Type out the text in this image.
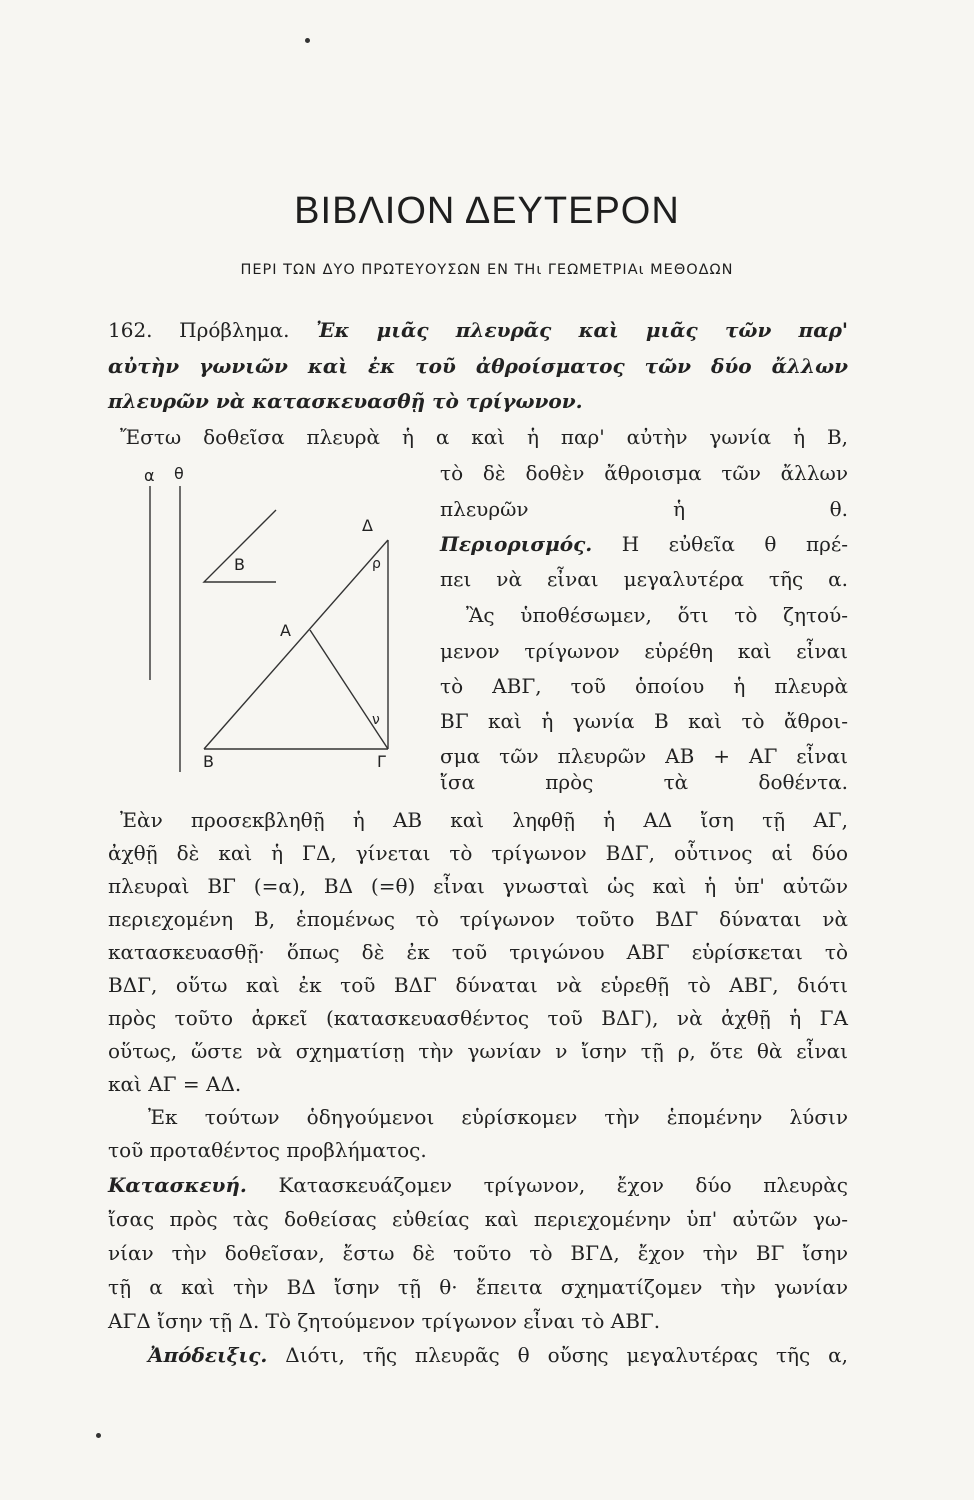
ΒΙΒΛΙΟΝ ΔΕΥΤΕΡΟΝ
ΠΕΡΙ ΤΩΝ ΔΥΟ ΠΡΩΤΕΥΟΥΣΩΝ ΕΝ ΤΗι ΓΕΩΜΕΤΡΙΑι ΜΕΘΟΔΩΝ
162. Πρόβλημα. Ἐκ μιᾶς πλευρᾶς καὶ μιᾶς τῶν παρ'
αὐτὴν γωνιῶν καὶ ἐκ τοῦ ἀθροίσματος τῶν δύο ἄλλων
πλευρῶν νὰ κατασκευασθῇ τὸ τρίγωνον.
Ἔστω δοθεῖσα πλευρὰ ἡ α καὶ ἡ παρ' αὐτὴν γωνία ἡ Β,
τὸ δὲ δοθὲν ἄθροισμα τῶν ἄλλων
πλευρῶν ἡ θ.
Περιορισμός. Η εὐθεῖα θ πρέ-
πει νὰ εἶναι μεγαλυτέρα τῆς α.
Ἂς ὑποθέσωμεν, ὅτι τὸ ζητού-
μενον τρίγωνον εὑρέθη καὶ εἶναι
τὸ ΑΒΓ, τοῦ ὁποίου ἡ πλευρὰ
ΒΓ καὶ ἡ γωνία Β καὶ τὸ ἄθροι-
σμα τῶν πλευρῶν ΑΒ + ΑΓ εἶναι
ἴσα πρὸς τὰ δοθέντα.
α θ
Β
Δ
ρ
Α
ν
Β	Γ
Ἐὰν προσεκβληθῇ ἡ ΑΒ καὶ ληφθῇ ἡ ΑΔ ἴση τῇ ΑΓ,
ἀχθῇ δὲ καὶ ἡ ΓΔ, γίνεται τὸ τρίγωνον ΒΔΓ, οὗτινος αἱ δύο
πλευραὶ ΒΓ (=α), ΒΔ (=θ) εἶναι γνωσταὶ ὡς καὶ ἡ ὑπ' αὐτῶν
περιεχομένη Β, ἑπομένως τὸ τρίγωνον τοῦτο ΒΔΓ δύναται νὰ
κατασκευασθῇ· ὅπως δὲ ἐκ τοῦ τριγώνου ΑΒΓ εὑρίσκεται τὸ
ΒΔΓ, οὕτω καὶ ἐκ τοῦ ΒΔΓ δύναται νὰ εὑρεθῇ τὸ ΑΒΓ, διότι
πρὸς τοῦτο ἀρκεῖ (κατασκευασθέντος τοῦ ΒΔΓ), νὰ ἀχθῇ ἡ ΓΑ
οὕτως, ὥστε νὰ σχηματίσῃ τὴν γωνίαν ν ἴσην τῇ ρ, ὅτε θὰ εἶναι
καὶ ΑΓ = ΑΔ.
Ἐκ τούτων ὁδηγούμενοι εὑρίσκομεν τὴν ἑπομένην λύσιν
τοῦ προταθέντος προβλήματος.
Κατασκευή. Κατασκευάζομεν τρίγωνον, ἔχον δύο πλευρὰς
ἴσας πρὸς τὰς δοθείσας εὐθείας καὶ περιεχομένην ὑπ' αὐτῶν γω-
νίαν τὴν δοθεῖσαν, ἔστω δὲ τοῦτο τὸ ΒΓΔ, ἔχον τὴν ΒΓ ἴσην
τῇ α καὶ τὴν ΒΔ ἴσην τῇ θ· ἔπειτα σχηματίζομεν τὴν γωνίαν
ΑΓΔ ἴσην τῇ Δ. Τὸ ζητούμενον τρίγωνον εἶναι τὸ ΑΒΓ.
Ἀπόδειξις. Διότι, τῆς πλευρᾶς θ οὔσης μεγαλυτέρας τῆς α,
